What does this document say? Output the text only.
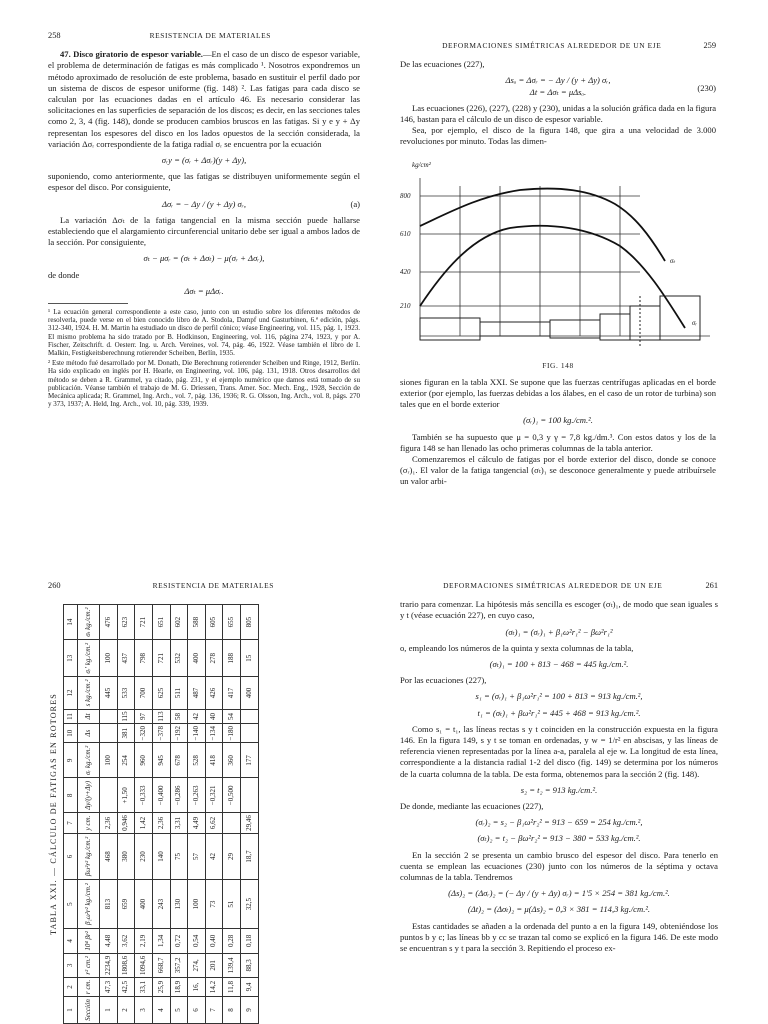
258	RESISTENCIA DE MATERIALES

47. Disco giratorio de espesor variable.—En el caso de un disco de espesor variable, el problema de determinación de fatigas es más complicado ¹. Nosotros expondremos un método aproximado de resolución de este problema, basado en sustituir el perfil dado por un sistema de discos de espesor uniforme (fig. 148) ². Las fatigas para cada disco se calculan por las ecuaciones dadas en el artículo 46. Es necesario considerar las solicitaciones en las superficies de separación de los discos; es decir, en las secciones tales como 2, 3, 4 (fig. 148), donde se producen cambios bruscos en las fatigas. Si y e y + Δy representan los espesores del disco en los lados opuestos de la sección considerada, la variación Δσᵣ correspondiente de la fatiga radial σᵣ se encuentra por la ecuación

σᵣy = (σᵣ + Δσᵣ)(y + Δy),

suponiendo, como anteriormente, que las fatigas se distribuyen uniformemente según el espesor del disco. Por consiguiente,

Δσᵣ = − Δy / (y + Δy) σᵣ,	(a)

La variación Δσₜ de la fatiga tangencial en la misma sección puede hallarse estableciendo que el alargamiento circunferencial unitario debe ser igual a ambos lados de la sección. Por consiguiente,

σₜ − μσᵣ = (σₜ + Δσₜ) − μ(σᵣ + Δσᵣ),

de donde

Δσₜ = μΔσᵣ.

¹ La ecuación general correspondiente a este caso, junto con un estudio sobre los diferentes métodos de resolverla, puede verse en el bien conocido libro de A. Stodola, Dampf und Gasturbinen, 6.ª edición, págs. 312-340, 1924. H. M. Martin ha estudiado un disco de perfil cónico; véase Engineering, vol. 115, pág. 1, 1923. El mismo problema ha sido tratado por B. Hodkinson, Engineering, vol. 116, página 274, 1923, y por A. Fischer, Zeitschrift. d. Oesterr. Ing. u. Arch. Vereines, vol. 74, pág. 46, 1922. Véase también el libro de I. Malkin, Festigkeitsberechnung rotierender Scheiben, Berlín, 1935.

² Este método fué desarrollado por M. Donath, Die Berechnung rotierender Scheiben und Ringe, 1912, Berlín. Ha sido explicado en inglés por H. Hearle, en Engineering, vol. 106, pág. 131, 1918. Otros desarrollos del método se deben a R. Grammel, ya citado, pág. 231, y el ejemplo numérico que damos está tomado de su publicación. Véanse también el trabajo de M. G. Driessen, Trans. Amer. Soc. Mech. Eng., 1928, Sección de Mecánica aplicada; R. Grammel, Ing. Arch., vol. 7, pág. 136, 1936; R. G. Olsson, Ing. Arch., vol. 8, págs. 270 y 373, 1937; A. Held, Ing. Arch., vol. 10, pág. 339, 1939.

DEFORMACIONES SIMÉTRICAS ALREDEDOR DE UN EJE	259

De las ecuaciones (227),

Δsₐ = Δσᵣ = − Δy / (y + Δy) σᵣ,
Δt = Δσₜ = μΔsₐ.	(230)

Las ecuaciones (226), (227), (228) y (230), unidas a la solución gráfica dada en la figura 146, bastan para el cálculo de un disco de espesor variable.

Sea, por ejemplo, el disco de la figura 148, que gira a una velocidad de 3.000 revoluciones por minuto. Todas las dimen-

kg/cm²
800
610
420
210
σₜ
σᵣ
FIG. 148

siones figuran en la tabla XXI. Se supone que las fuerzas centrífugas aplicadas en el borde exterior (por ejemplo, las fuerzas debidas a los álabes, en el caso de un rotor de turbina) son tales que en el borde exterior

(σᵣ)₁ = 100 kg./cm.².

También se ha supuesto que μ = 0,3 y γ = 7,8 kg./dm.³. Con estos datos y los de la figura 148 se han llenado las ocho primeras columnas de la tabla anterior.

Comenzaremos el cálculo de fatigas por el borde exterior del disco, donde se conoce (σᵣ)₁. El valor de la fatiga tangencial (σₜ)₁ se desconoce generalmente y puede atribuírsele un valor arbi-

260	RESISTENCIA DE MATERIALES
TABLA XXI. — CÁLCULO DE FATIGAS EN ROTORES
1	2	3	4	5	6	7	8	9	10	11	12	13	14
Sección	r cm.	r² cm.²	10⁴ βr²	β₁ω²r² kg./cm.²	βω²r² kg./cm.²	y cm.	Δy/(y+Δy)	σᵣ kg./cm.²	Δs	Δt	s kg./cm.²	σᵣ' kg./cm.²	σₜ kg./cm.²
1	47,3	2234,9	4,48	813	468	2,36		100			445	100	476
2	42,5	1808,6	3,62	659	380	0,946	+1,50	254	381	115	533	437	623
3	33,1	1094,6	2,19	400	230	1,42	−0,333	960	−320	97	700	798	721
4	25,9	668,7	1,34	243	140	2,36	−0,400	945	−378	113	625	721	651
5	18,9	357,2	0,72	130	75	3,31	−0,286	678	−192	58	511	532	602
6	16,	274,	0,54	100	57	4,49	−0,263	528	−140	42	487	400	588
7	14,2	201	0,40	73	42	6,62	−0,321	418	−134	40	426	278	605
8	11,8	139,4	0,28	51	29		−0,500	360	−180	54	417	188	655
9	9,4	88,3	0,18	32,5	18,7	29,46		177			400	15	805
DEFORMACIONES SIMÉTRICAS ALREDEDOR DE UN EJE	261

trario para comenzar. La hipótesis más sencilla es escoger (σₜ)₁, de modo que sean iguales s y t (véase ecuación 227), en cuyo caso,

(σₜ)₁ = (σᵣ)₁ + β₁ω²r₁² − βω²r₁²

o, empleando los números de la quinta y sexta columnas de la tabla,

(σₜ)₁ = 100 + 813 − 468 = 445 kg./cm.².

Por las ecuaciones (227),

s₁ = (σᵣ)₁ + β₁ω²r₁² = 100 + 813 = 913 kg./cm.²,
t₁ = (σₜ)₁ + βω²r₁² = 445 + 468 = 913 kg./cm.².

Como s₁ = t₁, las líneas rectas s y t coinciden en la construcción expuesta en la figura 146. En la figura 149, s y t se toman en ordenadas, y w = 1/r² en abscisas, y las líneas de referencia vienen representadas por la línea a-a, paralela al eje w. La longitud de esta línea, correspondiente a la distancia radial 1-2 del disco (fig. 149) se determina por los números de la cuarta columna de la tabla. De esta forma, obtenemos para la sección 2 (fig. 148).

s₂ = t₂ = 913 kg./cm.².

De donde, mediante las ecuaciones (227),

(σᵣ)₂ = s₂ − β₁ω²r₂² = 913 − 659 = 254 kg./cm.²,
(σₜ)₂ = t₂ − βω²r₂² = 913 − 380 = 533 kg./cm.².

En la sección 2 se presenta un cambio brusco del espesor del disco. Para tenerlo en cuenta se emplean las ecuaciones (230) junto con los números de la séptima y octava columnas de la tabla. Tendremos

(Δs)₂ = (Δσᵣ)₂ = (− Δy / (y + Δy) σᵣ) = 1'5 × 254 = 381 kg./cm.².
(Δt)₂ = (Δσₜ)₂ = μ(Δs)₂ = 0,3 × 381 = 114,3 kg./cm.².

Estas cantidades se añaden a la ordenada del punto a en la figura 149, obteniéndose los puntos b y c; las líneas bb y cc se trazan tal como se explicó en la figura 146. De este modo se encuentran s y t para la sección 3. Repitiendo el proceso ex-
